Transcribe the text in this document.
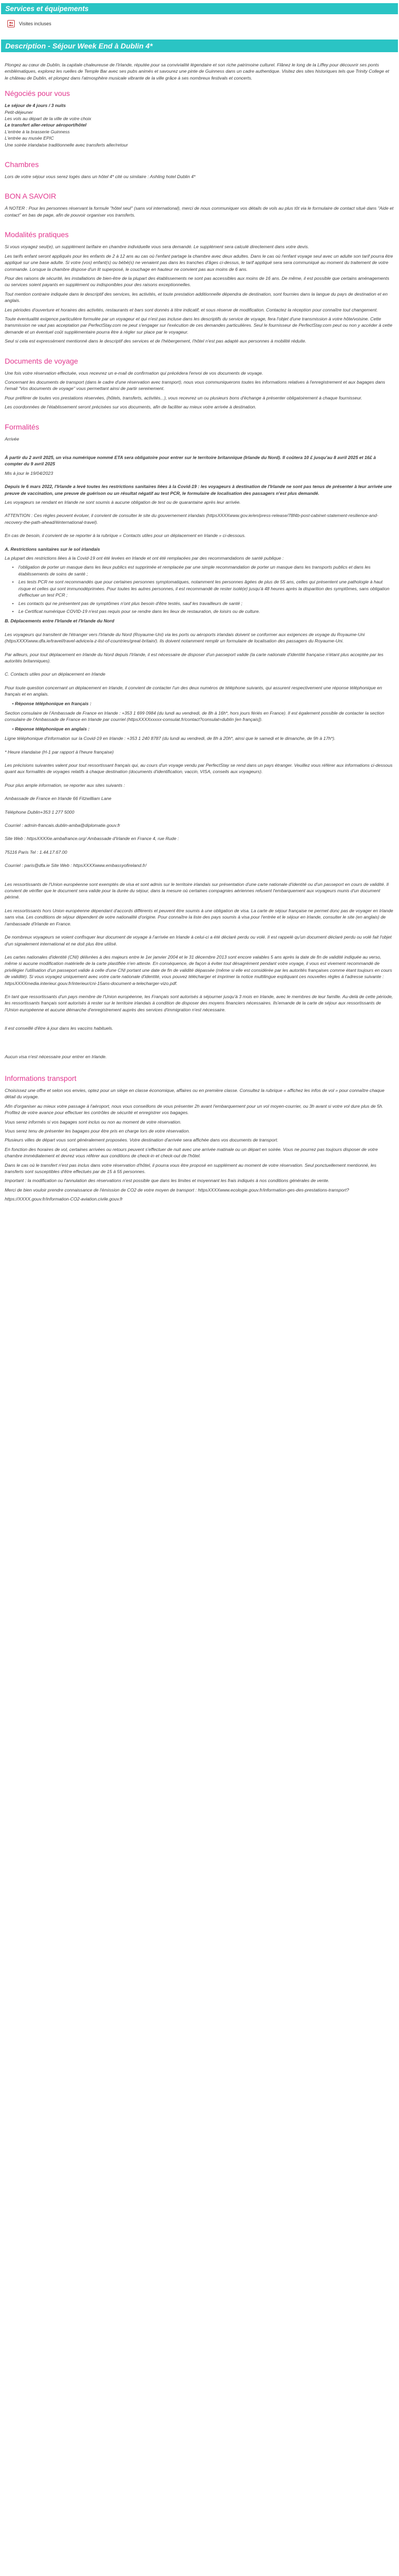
Services et équipements
Visites incluses
Description - Séjour Week End à Dublin 4*

Plongez au cœur de Dublin, la capitale chaleureuse de l'Irlande, réputée pour sa convivialité légendaire et son riche patrimoine culturel. Flânez le long de la Liffey pour découvrir ses ponts emblématiques, explorez les ruelles de Temple Bar avec ses pubs animés et savourez une pinte de Guinness dans un cadre authentique. Visitez des sites historiques tels que Trinity College et le château de Dublin, et plongez dans l'atmosphère musicale vibrante de la ville grâce à ses nombreux festivals et concerts.

Négociés pour vous

Le séjour de 4 jours / 3 nuits

Petit-déjeuner

Les vols au départ de la ville de votre choix

Le transfert aller-retour aéroport/hôtel

L'entrée à la brasserie Guinness

L'entrée au musée EPIC

Une soirée irlandaise traditionnelle avec transferts aller/retour

Chambres

Lors de votre séjour vous serez logés dans un hôtel 4* cité ou similaire : Ashling hotel Dublin 4*

BON A SAVOIR

À NOTER : Pour les personnes réservant la formule "hôtel seul" (sans vol international), merci de nous communiquer vos détails de vols au plus tôt via le formulaire de contact situé dans "Aide et contact" en bas de page, afin de pouvoir organiser vos transferts.

Modalités pratiques

Si vous voyagez seul(e), un supplément tarifaire en chambre individuelle vous sera demandé. Le supplément sera calculé directement dans votre devis.

Les tarifs enfant seront appliqués pour les enfants de 2 à 12 ans au cas où l'enfant partage la chambre avec deux adultes. Dans le cas où l'enfant voyage seul avec un adulte son tarif pourra être appliqué sur une base adulte. Si votre (vos) enfant(s) ou bébé(s) ne venaient pas dans les tranches d'âges ci-dessus, le tarif appliqué sera sera communiqué au moment du traitement de votre commande. Lorsque la chambre dispose d'un lit superposé, le couchage en hauteur ne convient pas aux moins de 6 ans.

Pour des raisons de sécurité, les installations de bien-être de la plupart des établissements ne sont pas accessibles aux moins de 16 ans. De même, il est possible que certains aménagements ou services soient payants en supplément ou indisponibles pour des raisons exceptionnelles.

Tout mention contraire indiquée dans le descriptif des services, les activités, et toute prestation additionnelle dépendra de destination, sont fournies dans la langue du pays de destination et en anglais.

Les périodes d'ouverture et horaires des activités, restaurants et bars sont donnés à titre indicatif, et sous réserve de modification. Contactez la réception pour connaître tout changement.

Toute éventualité exigence particulière formulée par un voyageur et qui n'est pas incluse dans les descriptifs du service de voyage, fera l'objet d'une transmission à votre hôte/voisine. Cette transmission ne vaut pas acceptation par PerfectStay.com ne peut s'engager sur l'exécution de ces demandes particulières. Seul le fournisseur de PerfectStay.com peut ou non y accéder à cette demande et un éventuel coût supplémentaire pourra être à régler sur place par le voyageur.

Seul si cela est expressément mentionné dans le descriptif des services et de l'hébergement, l'hôtel n'est pas adapté aux personnes à mobilité réduite.

Documents de voyage

Une fois votre réservation effectuée, vous recevrez un e-mail de confirmation qui précédera l'envoi de vos documents de voyage.

Concernant les documents de transport (dans le cadre d'une réservation avec transport), nous vous communiquerons toutes les informations relatives à l'enregistrement et aux bagages dans l'email "Vos documents de voyage" vous permettant ainsi de partir sereinement.

Pour préférer de toutes vos prestations réservées, (hôtels, transferts, activités...), vous recevrez un ou plusieurs bons d'échange à présenter obligatoirement à chaque fournisseur.

Les coordonnées de l'établissement seront précisées sur vos documents, afin de faciliter au mieux votre arrivée à destination.

Formalités

Arrivée

À partir du 2 avril 2025, un visa numérique nommé ETA sera obligatoire pour entrer sur le territoire britannique (Irlande du Nord). Il coûtera 10 £ jusqu'au 8 avril 2025 et 16£ à compter du 9 avril 2025

Mis à jour le 19/04/2023

Depuis le 6 mars 2022, l'Irlande a levé toutes les restrictions sanitaires liées à la Covid-19 : les voyageurs à destination de l'Irlande ne sont pas tenus de présenter à leur arrivée une preuve de vaccination, une preuve de guérison ou un résultat négatif au test PCR, le formulaire de localisation des passagers n'est plus demandé.

Les voyageurs se rendant en Irlande ne sont soumis à aucune obligation de test ou de quarantaine après leur arrivée.

ATTENTION : Ces règles peuvent évoluer, il convient de consulter le site du gouvernement irlandais (httpsXXXXwww.gov.ie/en/press-release/78f4b-post-cabinet-statement-resilience-and-recovery-the-path-ahead/#international-travel).

En cas de besoin, il convient de se reporter à la rubrique « Contacts utiles pour un déplacement en Irlande » ci-dessous.

A. Restrictions sanitaires sur le sol irlandais

La plupart des restrictions liées à la Covid-19 ont été levées en Irlande et ont été remplacées par des recommandations de santé publique :

• l'obligation de porter un masque dans les lieux publics est supprimée et remplacée par une simple recommandation de porter un masque dans les transports publics et dans les établissements de soins de santé ;
• Les tests PCR ne sont recommandés que pour certaines personnes symptomatiques, notamment les personnes âgées de plus de 55 ans, celles qui présentent une pathologie à haut risque et celles qui sont immunodéprimées. Pour toutes les autres personnes, il est recommandé de rester isolé(e) jusqu'à 48 heures après la disparition des symptômes, sans obligation d'effectuer un test PCR ;
• Les contacts qui ne présentent pas de symptômes n'ont plus besoin d'être testés, sauf les travailleurs de santé ;
• Le Certificat numérique COVID-19 n'est pas requis pour se rendre dans les lieux de restauration, de loisirs ou de culture.

B. Déplacements entre l'Irlande et l'Irlande du Nord

Les voyageurs qui transitent de l'étranger vers l'Irlande du Nord (Royaume-Uni) via les ports ou aéroports irlandais doivent se conformer aux exigences de voyage du Royaume-Uni (httpsXXXXwww.dfa.ie/travel/travel-advice/a-z-list-of-countries/great-britain/). Ils doivent notamment remplir un formulaire de localisation des passagers du Royaume-Uni.

Par ailleurs, pour tout déplacement en Irlande du Nord depuis l'Irlande, il est nécessaire de disposer d'un passeport valide (la carte nationale d'identité française n'étant plus acceptée par les autorités britanniques).

C. Contacts utiles pour un déplacement en Irlande

Pour toute question concernant un déplacement en Irlande, il convient de contacter l'un des deux numéros de téléphone suivants, qui assurent respectivement une réponse téléphonique en français et en anglais.

• Réponse téléphonique en français :

Section consulaire de l'Ambassade de France en Irlande : +353 1 699 0984 (du lundi au vendredi, de 8h à 16h*, hors jours fériés en France). Il est également possible de contacter la section consulaire de l'Ambassade de France en Irlande par courriel (httpsXXXXxxxxx-consulat.fr/contact?consulat=dublin [en français]).

• Réponse téléphonique en anglais :

Ligne téléphonique d'information sur la Covid-19 en Irlande : +353 1 240 8787 (du lundi au vendredi, de 8h à 20h*, ainsi que le samedi et le dimanche, de 9h à 17h*).

* Heure irlandaise (H-1 par rapport à l'heure française)

Les précisions suivantes valent pour tout ressortissant français qui, au cours d'un voyage vendu par PerfectStay se rend dans un pays étranger. Veuillez vous référer aux informations ci-dessous quant aux formalités de voyages relatifs à chaque destination (documents d'identification, vaccin, VISA, conseils aux voyageurs).

Pour plus ample information, se reporter aux sites suivants :

Ambassade de France en Irlande 66 Fitzwilliam Lane

Téléphone Dublin+353 1 277 5000

Courriel : admin-francais.dublin-amba@diplomatie.gouv.fr

Site Web : httpsXXXXie.ambafrance.org/ Ambassade d'Irlande en France 4, rue Rude :

75116 Paris Tel : 1.44.17.67.00

Courriel : paris@dfa.ie Site Web : httpsXXXXwww.embassyofireland.fr/

Les ressortissants de l'Union européenne sont exemptés de visa et sont admis sur le territoire irlandais sur présentation d'une carte nationale d'identité ou d'un passeport en cours de validité. Il convient de vérifier que le document sera valide pour la durée du séjour, dans la mesure où certaines compagnies aériennes refusent l'embarquement aux voyageurs munis d'un document périmé.

Les ressortissants hors Union européenne dépendant d'accords différents et peuvent être soumis à une obligation de visa. La carte de séjour française ne permet donc pas de voyager en Irlande sans visa. Les conditions de séjour dépendent de votre nationalité d'origine. Pour connaître la liste des pays soumis à visa pour l'entrée et le séjour en Irlande, consulter le site (en anglais) de l'ambassade d'Irlande en France.

De nombreux voyageurs se voient confisquer leur document de voyage à l'arrivée en Irlande à celui-ci a été déclaré perdu ou volé. Il est rappelé qu'un document déclaré perdu ou volé fait l'objet d'un signalement international et ne doit plus être utilisé.

Les cartes nationales d'identité (CNI) délivrées à des majeurs entre le 1er janvier 2004 et le 31 décembre 2013 sont encore valables 5 ans après la date de fin de validité indiquée au verso, même si aucune modification matérielle de la carte plastifiée n'en atteste. En conséquence, de façon à éviter tout désagrément pendant votre voyage, il vous est vivement recommandé de privilégier l'utilisation d'un passeport valide à celle d'une CNI portant une date de fin de validité dépassée (même si elle est considérée par les autorités françaises comme étant toujours en cours de validité). Si vous voyagez uniquement avec votre carte nationale d'identité, vous pouvez télécharger et imprimer la notice multilingue expliquant ces nouvelles règles à l'adresse suivante : httpsXXXXmedia.interieur.gouv.fr/interieur/cni-15ans-document-a-telecharger-vizo.pdf.

En tant que ressortissants d'un pays membre de l'Union européenne, les Français sont autorisés à séjourner jusqu'à 3 mois en Irlande, avec le membres de leur famille. Au-delà de cette période, les ressortissants français sont autorisés à rester sur le territoire irlandais à condition de disposer des moyens financiers nécessaires. Ils'emande de la carte de séjour aux ressortissants de l'Union européenne et aucune démarche d'enregistrement auprès des services d'immigration n'est nécessaire.

Il est conseillé d'être à jour dans les vaccins habituels.

Aucun visa n'est nécessaire pour entrer en Irlande.

Informations transport

Choisissez une offre et selon vos envies, optez pour un siège en classe économique, affaires ou en première classe. Consultez la rubrique « affichez les infos de vol » pour connaître chaque détail du voyage.

Afin d'organiser au mieux votre passage à l'aéroport, nous vous conseillons de vous présenter 2h avant l'embarquement pour un vol moyen-courrier, ou 3h avant si votre vol dure plus de 5h. Profitez de votre avance pour effectuer les contrôles de sécurité et enregistrer vos bagages.

Vous serez informés si vos bagages sont inclus ou non au moment de votre réservation.

Vous serez tenu de présenter les bagages pour être pris en charge lors de votre réservation.

Plusieurs villes de départ vous sont généralement proposées. Votre destination d'arrivée sera affichée dans vos documents de transport.

En fonction des horaires de vol, certaines arrivées ou retours peuvent s'effectuer de nuit avec une arrivée matinale ou un départ en soirée. Vous ne pourrez pas toujours disposer de votre chambre immédiatement et devrez vous référer aux conditions de check-in et check-out de l'hôtel.

Dans le cas où le transfert n'est pas inclus dans votre réservation d'hôtel, il pourra vous être proposé en supplément au moment de votre réservation. Seul ponctuellement mentionné, les transferts sont susceptibles d'être effectués par de 15 à 55 personnes.

Important : la modification ou l'annulation des réservations n'est possible que dans les limites et moyennant les frais indiqués à nos conditions générales de vente.

Merci de bien vouloir prendre connaissance de l'émission de CO2 de votre moyen de transport : httpsXXXXwww.ecologie.gouv.fr/information-ges-des-prestations-transport?

https://XXXX.gouv.fr/information-CO2-aviation.civile.gouv.fr
